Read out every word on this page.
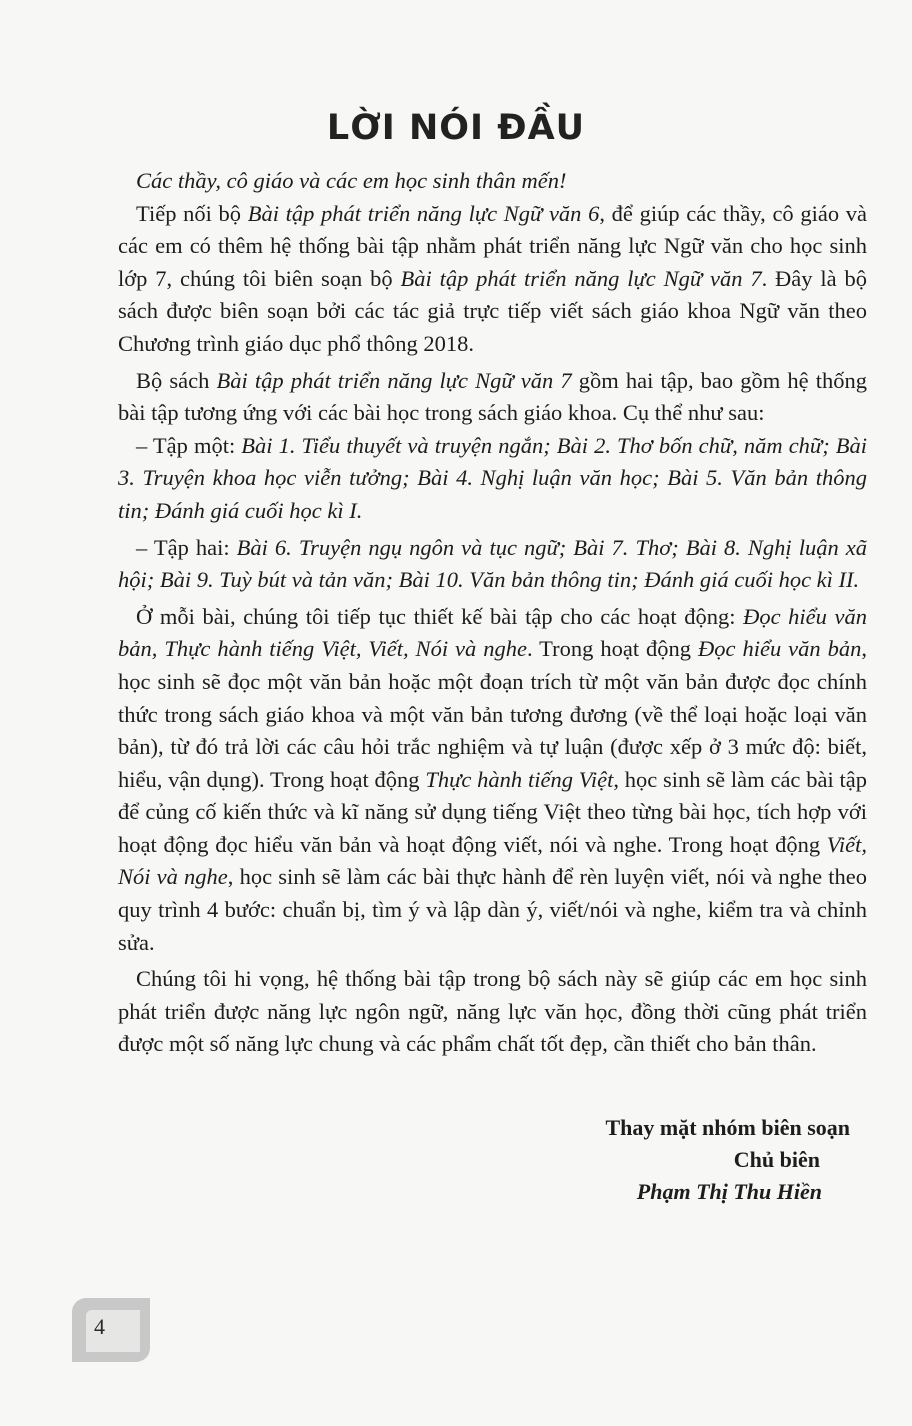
LỜI NÓI ĐẦU

Các thầy, cô giáo và các em học sinh thân mến!

Tiếp nối bộ Bài tập phát triển năng lực Ngữ văn 6, để giúp các thầy, cô giáo và các em có thêm hệ thống bài tập nhằm phát triển năng lực Ngữ văn cho học sinh lớp 7, chúng tôi biên soạn bộ Bài tập phát triển năng lực Ngữ văn 7. Đây là bộ sách được biên soạn bởi các tác giả trực tiếp viết sách giáo khoa Ngữ văn theo Chương trình giáo dục phổ thông 2018.

Bộ sách Bài tập phát triển năng lực Ngữ văn 7 gồm hai tập, bao gồm hệ thống bài tập tương ứng với các bài học trong sách giáo khoa. Cụ thể như sau:

– Tập một: Bài 1. Tiểu thuyết và truyện ngắn; Bài 2. Thơ bốn chữ, năm chữ; Bài 3. Truyện khoa học viễn tưởng; Bài 4. Nghị luận văn học; Bài 5. Văn bản thông tin; Đánh giá cuối học kì I.

– Tập hai: Bài 6. Truyện ngụ ngôn và tục ngữ; Bài 7. Thơ; Bài 8. Nghị luận xã hội; Bài 9. Tuỳ bút và tản văn; Bài 10. Văn bản thông tin; Đánh giá cuối học kì II.

Ở mỗi bài, chúng tôi tiếp tục thiết kế bài tập cho các hoạt động: Đọc hiểu văn bản, Thực hành tiếng Việt, Viết, Nói và nghe. Trong hoạt động Đọc hiểu văn bản, học sinh sẽ đọc một văn bản hoặc một đoạn trích từ một văn bản được đọc chính thức trong sách giáo khoa và một văn bản tương đương (về thể loại hoặc loại văn bản), từ đó trả lời các câu hỏi trắc nghiệm và tự luận (được xếp ở 3 mức độ: biết, hiểu, vận dụng). Trong hoạt động Thực hành tiếng Việt, học sinh sẽ làm các bài tập để củng cố kiến thức và kĩ năng sử dụng tiếng Việt theo từng bài học, tích hợp với hoạt động đọc hiểu văn bản và hoạt động viết, nói và nghe. Trong hoạt động Viết, Nói và nghe, học sinh sẽ làm các bài thực hành để rèn luyện viết, nói và nghe theo quy trình 4 bước: chuẩn bị, tìm ý và lập dàn ý, viết/nói và nghe, kiểm tra và chỉnh sửa.

Chúng tôi hi vọng, hệ thống bài tập trong bộ sách này sẽ giúp các em học sinh phát triển được năng lực ngôn ngữ, năng lực văn học, đồng thời cũng phát triển được một số năng lực chung và các phẩm chất tốt đẹp, cần thiết cho bản thân.

Thay mặt nhóm biên soạn
Chủ biên
Phạm Thị Thu Hiền
4
